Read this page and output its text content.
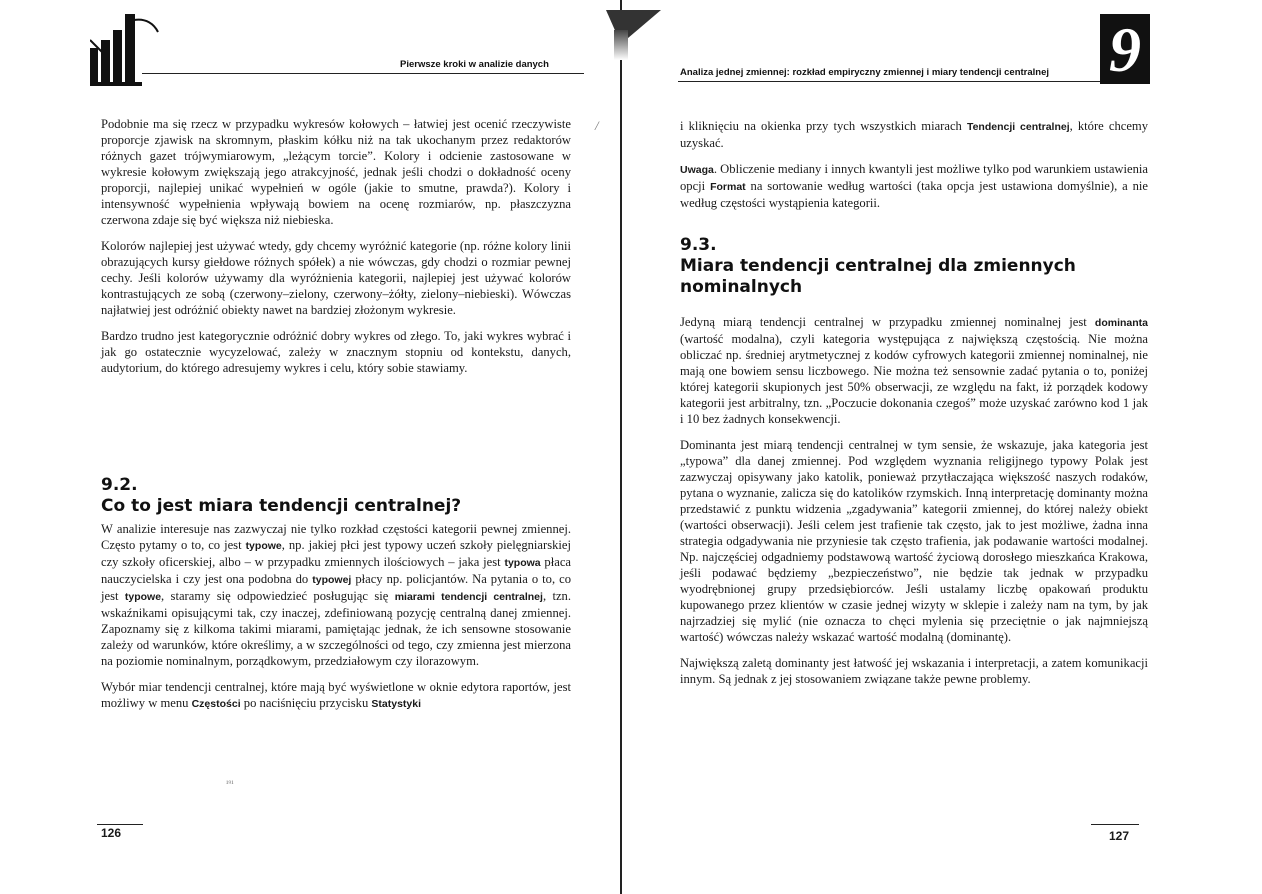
Pierwsze kroki w analizie danych

Podobnie ma się rzecz w przypadku wykresów kołowych – łatwiej jest ocenić rzeczywiste proporcje zjawisk na skromnym, płaskim kółku niż na tak ukochanym przez redaktorów różnych gazet trójwymiarowym, „leżącym torcie”. Kolory i odcienie zastosowane w wykresie kołowym zwiększają jego atrakcyjność, jednak jeśli chodzi o dokładność oceny proporcji, najlepiej unikać wypełnień w ogóle (jakie to smutne, prawda?). Kolory i intensywność wypełnienia wpływają bowiem na ocenę rozmiarów, np. płaszczyzna czerwona zdaje się być większa niż niebieska.

Kolorów najlepiej jest używać wtedy, gdy chcemy wyróżnić kategorie (np. różne kolory linii obrazujących kursy giełdowe różnych spółek) a nie wówczas, gdy chodzi o rozmiar pewnej cechy. Jeśli kolorów używamy dla wyróżnienia kategorii, najlepiej jest używać kolorów kontrastujących ze sobą (czerwony–zielony, czerwony–żółty, zielony–niebieski). Wówczas najłatwiej jest odróżnić obiekty nawet na bardziej złożonym wykresie.

Bardzo trudno jest kategorycznie odróżnić dobry wykres od złego. To, jaki wykres wybrać i jak go ostatecznie wycyzelować, zależy w znacznym stopniu od kontekstu, danych, audytorium, do którego adresujemy wykres i celu, który sobie stawiamy.

9.2.
Co to jest miara tendencji centralnej?

W analizie interesuje nas zazwyczaj nie tylko rozkład częstości kategorii pewnej zmiennej. Często pytamy o to, co jest typowe, np. jakiej płci jest typowy uczeń szkoły pielęgniarskiej czy szkoły oficerskiej, albo – w przypadku zmiennych ilościowych – jaka jest typowa płaca nauczycielska i czy jest ona podobna do typowej płacy np. policjantów. Na pytania o to, co jest typowe, staramy się odpowiedzieć posługując się miarami tendencji centralnej, tzn. wskaźnikami opisującymi tak, czy inaczej, zdefiniowaną pozycję centralną danej zmiennej. Zapoznamy się z kilkoma takimi miarami, pamiętając jednak, że ich sensowne stosowanie zależy od warunków, które określimy, a w szczególności od tego, czy zmienna jest mierzona na poziomie nominalnym, porządkowym, przedziałowym czy ilorazowym.

Wybór miar tendencji centralnej, które mają być wyświetlone w oknie edytora raportów, jest możliwy w menu Częstości po naciśnięciu przycisku Statystyki

¹⁹¹
126
Analiza jednej zmiennej: rozkład empiryczny zmiennej i miary tendencji centralnej 9
/	i kliknięciu na okienka przy tych wszystkich miarach Tendencji centralnej, które chcemy uzyskać.

Uwaga. Obliczenie mediany i innych kwantyli jest możliwe tylko pod warunkiem ustawienia opcji Format na sortowanie według wartości (taka opcja jest ustawiona domyślnie), a nie według częstości wystąpienia kategorii.

9.3.
Miara tendencji centralnej dla zmiennych nominalnych

Jedyną miarą tendencji centralnej w przypadku zmiennej nominalnej jest dominanta (wartość modalna), czyli kategoria występująca z największą częstością. Nie można obliczać np. średniej arytmetycznej z kodów cyfrowych kategorii zmiennej nominalnej, nie mają one bowiem sensu liczbowego. Nie można też sensownie zadać pytania o to, poniżej której kategorii skupionych jest 50% obserwacji, ze względu na fakt, iż porządek kodowy kategorii jest arbitralny, tzn. „Poczucie dokonania czegoś” może uzyskać zarówno kod 1 jak i 10 bez żadnych konsekwencji.

Dominanta jest miarą tendencji centralnej w tym sensie, że wskazuje, jaka kategoria jest „typowa” dla danej zmiennej. Pod względem wyznania religijnego typowy Polak jest zazwyczaj opisywany jako katolik, ponieważ przytłaczająca większość naszych rodaków, pytana o wyznanie, zalicza się do katolików rzymskich. Inną interpretację dominanty można przedstawić z punktu widzenia „zgadywania” kategorii zmiennej, do której należy obiekt (wartości obserwacji). Jeśli celem jest trafienie tak często, jak to jest możliwe, żadna inna strategia odgadywania nie przyniesie tak często trafienia, jak podawanie wartości modalnej. Np. najczęściej odgadniemy podstawową wartość życiową dorosłego mieszkańca Krakowa, jeśli podawać będziemy „bezpieczeństwo”, nie będzie tak jednak w przypadku wyodrębnionej grupy przedsiębiorców. Jeśli ustalamy liczbę opakowań produktu kupowanego przez klientów w czasie jednej wizyty w sklepie i zależy nam na tym, by jak najrzadziej się mylić (nie oznacza to chęci mylenia się przeciętnie o jak najmniejszą wartość) wówczas należy wskazać wartość modalną (dominantę).

Największą zaletą dominanty jest łatwość jej wskazania i interpretacji, a zatem komunikacji innym. Są jednak z jej stosowaniem związane także pewne problemy.

127
